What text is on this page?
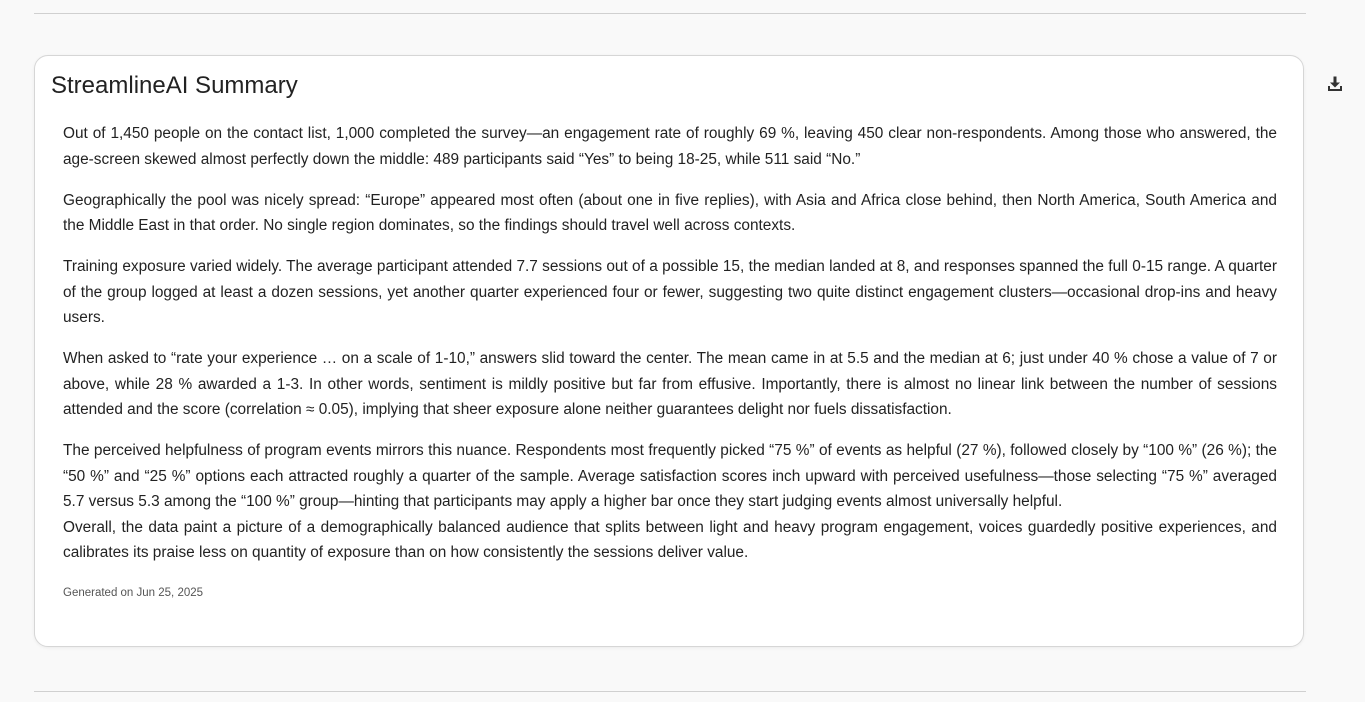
StreamlineAI Summary

Out of 1,450 people on the contact list, 1,000 completed the survey—an engagement rate of roughly 69 %, leaving 450 clear non-respondents. Among those who answered, the age-screen skewed almost perfectly down the middle: 489 participants said “Yes” to being 18-25, while 511 said “No.”

Geographically the pool was nicely spread: “Europe” appeared most often (about one in five replies), with Asia and Africa close behind, then North America, South America and the Middle East in that order. No single region dominates, so the findings should travel well across contexts.

Training exposure varied widely. The average participant attended 7.7 sessions out of a possible 15, the median landed at 8, and responses spanned the full 0-15 range. A quarter of the group logged at least a dozen sessions, yet another quarter experienced four or fewer, suggesting two quite distinct engagement clusters—occasional drop-ins and heavy users.

When asked to “rate your experience … on a scale of 1-10,” answers slid toward the center. The mean came in at 5.5 and the median at 6; just under 40 % chose a value of 7 or above, while 28 % awarded a 1-3. In other words, sentiment is mildly positive but far from effusive. Importantly, there is almost no linear link between the number of sessions attended and the score (correlation ≈ 0.05), implying that sheer exposure alone neither guarantees delight nor fuels dissatisfaction.

The perceived helpfulness of program events mirrors this nuance. Respondents most frequently picked “75 %” of events as helpful (27 %), followed closely by “100 %” (26 %); the “50 %” and “25 %” options each attracted roughly a quarter of the sample. Average satisfaction scores inch upward with perceived usefulness—those selecting “75 %” averaged 5.7 versus 5.3 among the “100 %” group—hinting that participants may apply a higher bar once they start judging events almost universally helpful.

Overall, the data paint a picture of a demographically balanced audience that splits between light and heavy program engagement, voices guardedly positive experiences, and calibrates its praise less on quantity of exposure than on how consistently the sessions deliver value.

Generated on Jun 25, 2025
